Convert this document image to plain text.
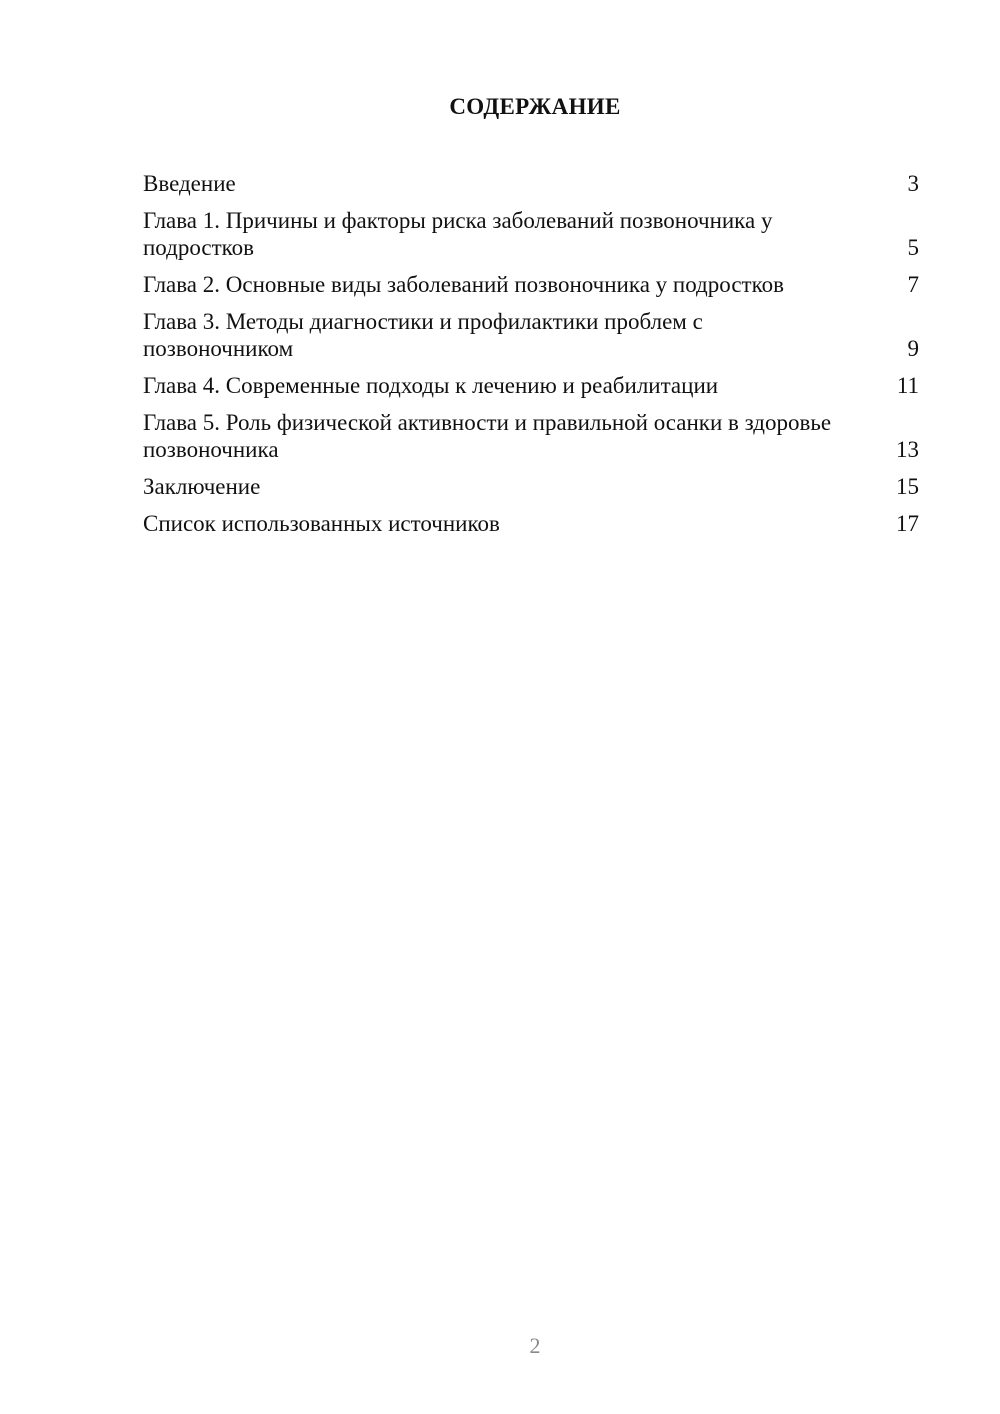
СОДЕРЖАНИЕ
Введение	3
Глава 1. Причины и факторы риска заболеваний позвоночника у подростков	5
Глава 2. Основные виды заболеваний позвоночника у подростков	7
Глава 3. Методы диагностики и профилактики проблем с позвоночником	9
Глава 4. Современные подходы к лечению и реабилитации	11
Глава 5. Роль физической активности и правильной осанки в здоровье позвоночника	13
Заключение	15
Список использованных источников	17
2
